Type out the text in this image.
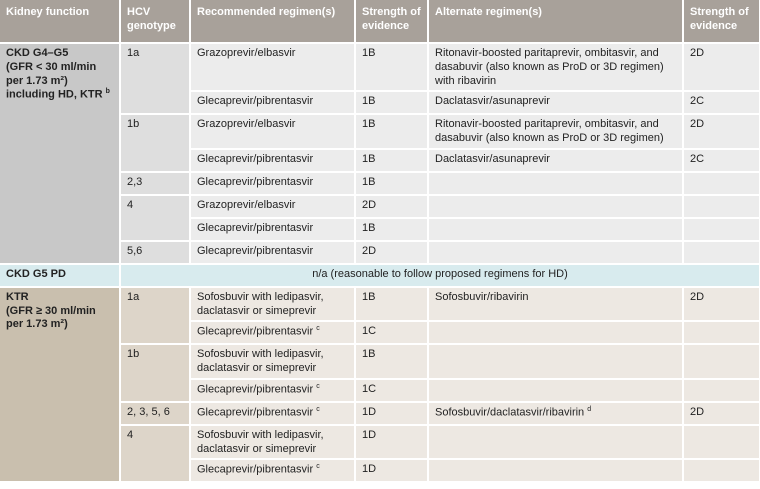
Kidney function	HCV genotype	Recommended regimen(s)	Strength of evidence	Alternate regimen(s)	Strength of evidence
CKD G4–G5
(GFR < 30 ml/min per 1.73 m²) including HD, KTR $^b$	1a	Grazoprevir/elbasvir	1B	Ritonavir-boosted paritaprevir, ombitasvir, and dasabuvir (also known as ProD or 3D regimen) with ribavirin	2D
		Glecaprevir/pibrentasvir	1B	Daclatasvir/asunaprevir	2C
	1b	Grazoprevir/elbasvir	1B	Ritonavir-boosted paritaprevir, ombitasvir, and dasabuvir (also known as ProD or 3D regimen)	2D
		Glecaprevir/pibrentasvir	1B	Daclatasvir/asunaprevir	2C
	2,3	Glecaprevir/pibrentasvir	1B		
	4	Grazoprevir/elbasvir	2D		
		Glecaprevir/pibrentasvir	1B		
	5,6	Glecaprevir/pibrentasvir	2D		
CKD G5 PD	n/a (reasonable to follow proposed regimens for HD)				
KTR
(GFR ≥ 30 ml/min per 1.73 m²)	1a	Sofosbuvir with ledipasvir, daclatasvir or simeprevir	1B	Sofosbuvir/ribavirin	2D
		Glecaprevir/pibrentasvir $^c$	1C		
	1b	Sofosbuvir with ledipasvir, daclatasvir or simeprevir	1B		
		Glecaprevir/pibrentasvir $^c$	1C		
	2, 3, 5, 6	Glecaprevir/pibrentasvir $^c$	1D	Sofosbuvir/daclatasvir/ribavirin $^d$	2D
	4	Sofosbuvir with ledipasvir, daclatasvir or simeprevir	1D		
		Glecaprevir/pibrentasvir $^c$	1D		
